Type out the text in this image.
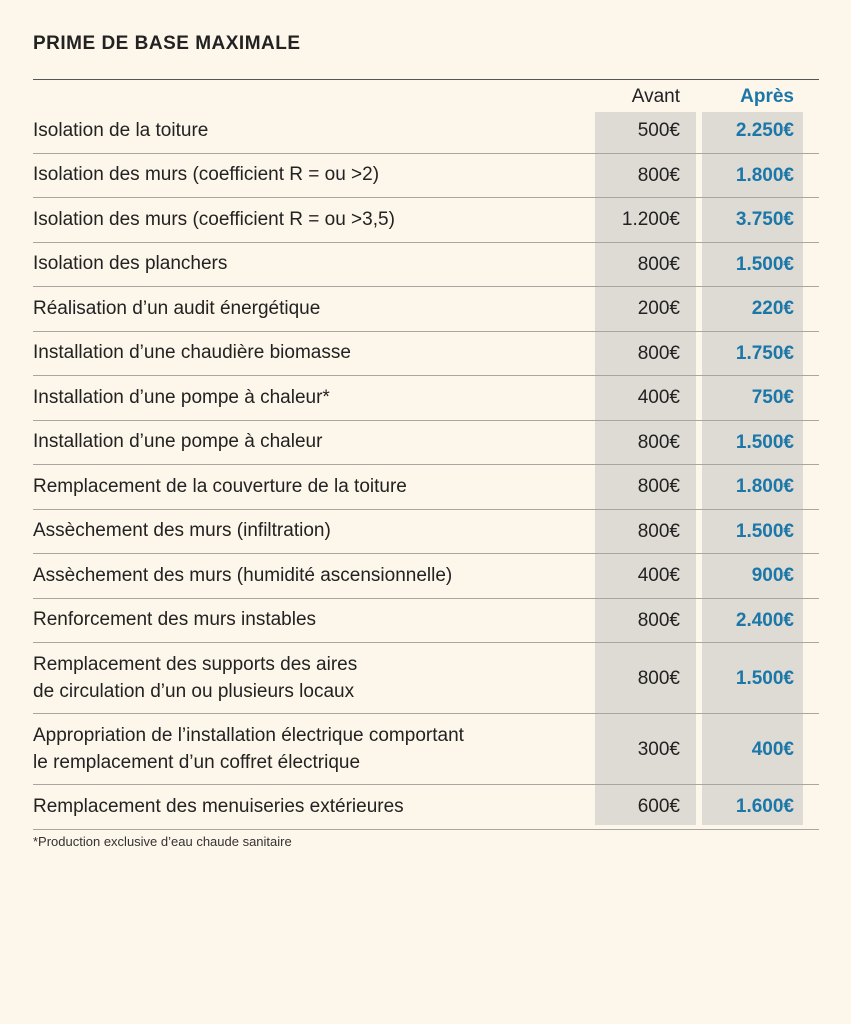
PRIME DE BASE MAXIMALE
Avant	Après
Isolation de la toiture	500€	2.250€
Isolation des murs (coefficient R = ou >2)	800€	1.800€
Isolation des murs (coefficient R = ou >3,5)	1.200€	3.750€
Isolation des planchers	800€	1.500€
Réalisation d’un audit énergétique	200€	220€
Installation d’une chaudière biomasse	800€	1.750€
Installation d’une pompe à chaleur*	400€	750€
Installation d’une pompe à chaleur	800€	1.500€
Remplacement de la couverture de la toiture	800€	1.800€
Assèchement des murs (infiltration)	800€	1.500€
Assèchement des murs (humidité ascensionnelle)	400€	900€
Renforcement des murs instables	800€	2.400€
Remplacement des supports des aires
de circulation d’un ou plusieurs locaux
800€	1.500€
Appropriation de l’installation électrique comportant
le remplacement d’un coffret électrique
300€	400€
Remplacement des menuiseries extérieures	600€	1.600€
*Production exclusive d’eau chaude sanitaire
